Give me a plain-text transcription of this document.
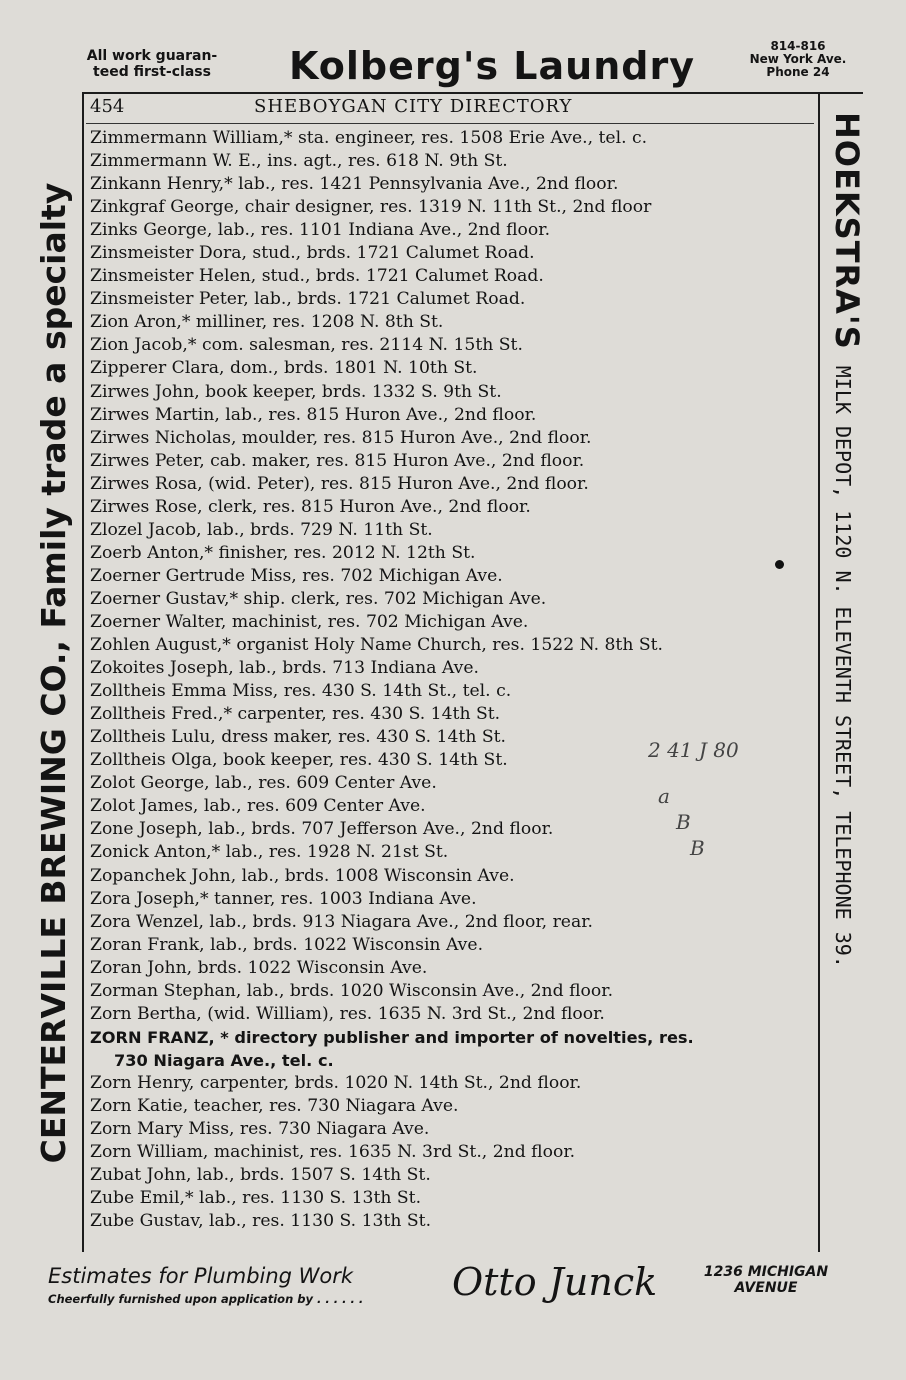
All work guaran-
teed first-class	Kolberg's Laundry	814-816
New York Ave.
Phone 24
454	SHEBOYGAN CITY DIRECTORY
Zimmermann William,* sta. engineer, res. 1508 Erie Ave., tel. c.
Zimmermann W. E., ins. agt., res. 618 N. 9th St.
Zinkann Henry,* lab., res. 1421 Pennsylvania Ave., 2nd floor.
Zinkgraf George, chair designer, res. 1319 N. 11th St., 2nd floor
Zinks George, lab., res. 1101 Indiana Ave., 2nd floor.
Zinsmeister Dora, stud., brds. 1721 Calumet Road.
Zinsmeister Helen, stud., brds. 1721 Calumet Road.
Zinsmeister Peter, lab., brds. 1721 Calumet Road.
Zion Aron,* milliner, res. 1208 N. 8th St.
Zion Jacob,* com. salesman, res. 2114 N. 15th St.
Zipperer Clara, dom., brds. 1801 N. 10th St.
Zirwes John, book keeper, brds. 1332 S. 9th St.
Zirwes Martin, lab., res. 815 Huron Ave., 2nd floor.
Zirwes Nicholas, moulder, res. 815 Huron Ave., 2nd floor.
Zirwes Peter, cab. maker, res. 815 Huron Ave., 2nd floor.
Zirwes Rosa, (wid. Peter), res. 815 Huron Ave., 2nd floor.
Zirwes Rose, clerk, res. 815 Huron Ave., 2nd floor.
Zlozel Jacob, lab., brds. 729 N. 11th St.
Zoerb Anton,* finisher, res. 2012 N. 12th St.
Zoerner Gertrude Miss, res. 702 Michigan Ave.
Zoerner Gustav,* ship. clerk, res. 702 Michigan Ave.
Zoerner Walter, machinist, res. 702 Michigan Ave.
Zohlen August,* organist Holy Name Church, res. 1522 N. 8th St.
Zokoites Joseph, lab., brds. 713 Indiana Ave.
Zolltheis Emma Miss, res. 430 S. 14th St., tel. c.
Zolltheis Fred.,* carpenter, res. 430 S. 14th St.
Zolltheis Lulu, dress maker, res. 430 S. 14th St.
Zolltheis Olga, book keeper, res. 430 S. 14th St.
Zolot George, lab., res. 609 Center Ave.
Zolot James, lab., res. 609 Center Ave.
Zone Joseph, lab., brds. 707 Jefferson Ave., 2nd floor.
Zonick Anton,* lab., res. 1928 N. 21st St.
Zopanchek John, lab., brds. 1008 Wisconsin Ave.
Zora Joseph,* tanner, res. 1003 Indiana Ave.
Zora Wenzel, lab., brds. 913 Niagara Ave., 2nd floor, rear.
Zoran Frank, lab., brds. 1022 Wisconsin Ave.
Zoran John, brds. 1022 Wisconsin Ave.
Zorman Stephan, lab., brds. 1020 Wisconsin Ave., 2nd floor.
Zorn Bertha, (wid. William), res. 1635 N. 3rd St., 2nd floor.
ZORN FRANZ, * directory publisher and importer of novelties, res.
730 Niagara Ave., tel. c.
Zorn Henry, carpenter, brds. 1020 N. 14th St., 2nd floor.
Zorn Katie, teacher, res. 730 Niagara Ave.
Zorn Mary Miss, res. 730 Niagara Ave.
Zorn William, machinist, res. 1635 N. 3rd St., 2nd floor.
Zubat John, lab., brds. 1507 S. 14th St.
Zube Emil,* lab., res. 1130 S. 13th St.
Zube Gustav, lab., res. 1130 S. 13th St.
2 41 J 80
a
B
B
CENTERVILLE BREWING CO., Family trade a specialty	HOEKSTRA'SMILK DEPOT, 1120 N. ELEVENTH STREET, TELEPHONE 39.
Estimates for Plumbing Work
Cheerfully furnished upon application by . . . . . . Otto Junck	1236 MICHIGAN
AVENUE
